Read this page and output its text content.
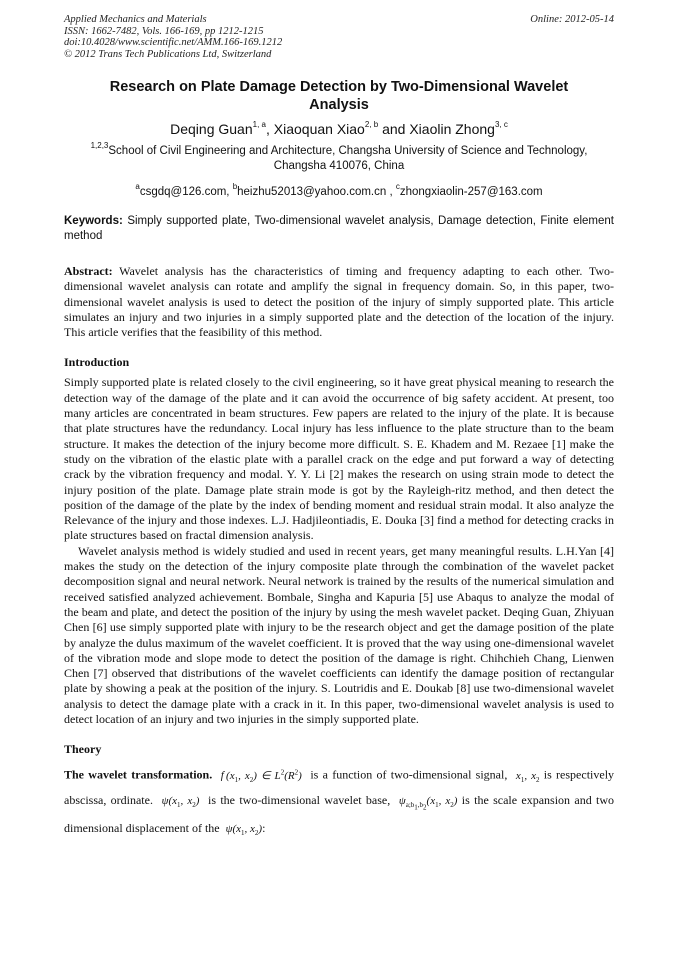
Applied Mechanics and Materials
ISSN: 1662-7482, Vols. 166-169, pp 1212-1215
doi:10.4028/www.scientific.net/AMM.166-169.1212
© 2012 Trans Tech Publications Ltd, Switzerland
Online: 2012-05-14
Research on Plate Damage Detection by Two-Dimensional Wavelet Analysis
Deqing Guan$^{1, a}$, Xiaoquan Xiao$^{2, b}$ and Xiaolin Zhong$^{3, c}$
$^{1,2,3}$School of Civil Engineering and Architecture, Changsha University of Science and Technology, Changsha 410076, China
$^a$csgdq@126.com, $^b$heizhu52013@yahoo.com.cn , $^c$zhongxiaolin-257@163.com
Keywords: Simply supported plate, Two-dimensional wavelet analysis, Damage detection, Finite element method
Abstract: Wavelet analysis has the characteristics of timing and frequency adapting to each other. Two-dimensional wavelet analysis can rotate and amplify the signal in frequency domain. So, in this paper, two-dimensional wavelet analysis is used to detect the position of the injury of simply supported plate. This article simulates an injury and two injuries in a simply supported plate and the detection of the location of the injury. This article verifies that the feasibility of this method.
Introduction
Simply supported plate is related closely to the civil engineering, so it have great physical meaning to research the detection way of the damage of the plate and it can avoid the occurrence of big safety accident. At present, too many articles are concentrated in beam structures. Few papers are related to the injury of the plate. It is because that plate structures have the redundancy. Local injury has less influence to the plate structure than to the beam structure. It makes the detection of the injury become more difficult. S. E. Khadem and M. Rezaee [1] make the study on the vibration of the elastic plate with a parallel crack on the edge and put forward a way of detecting crack by the vibration frequency and modal. Y. Y. Li [2] makes the research on using strain mode to detect the injury position of the plate. Damage plate strain mode is got by the Rayleigh-ritz method, and then detect the position of the damage of the plate by the index of bending moment and residual strain modal. It also analyze the Relevance of the injury and those indexes. L.J. Hadjileontiadis, E. Douka [3] find a method for detecting cracks in plate structures based on fractal dimension analysis.
Wavelet analysis method is widely studied and used in recent years, get many meaningful results. L.H.Yan [4] makes the study on the detection of the injury composite plate through the combination of the wavelet packet decomposition signal and neural network. Neural network is trained by the results of the numerical simulation and received satisfied analyzed achievement. Bombale, Singha and Kapuria [5] use Abaqus to analyze the modal of the beam and plate, and detect the position of the injury by using the mesh wavelet packet. Deqing Guan, Zhiyuan Chen [6] use simply supported plate with injury to be the research object and get the damage position of the plate by analyze the dulus maximum of the wavelet coefficient. It is proved that the way using one-dimensional wavelet of the vibration mode and slope mode to detect the position of the damage is right. Chihchieh Chang, Lienwen Chen [7] observed that distributions of the wavelet coefficients can identify the damage position of rectangular plate by showing a peak at the position of the injury. S. Loutridis and E. Doukab [8] use two-dimensional wavelet analysis to detect the damage plate with a crack in it. In this paper, two-dimensional wavelet analysis is used to detect location of an injury and two injuries in the simply supported plate.
Theory
The wavelet transformation. f ($x_1$, $x_2$) ∈ $L^2(R^2)$ is a function of two-dimensional signal, $x_1$, $x_2$ is respectively abscissa, ordinate. $\psi(x_1$, $x_2$) is the two-dimensional wavelet base, $\psi_{a;b_1,b_2}(x_1$, $x_2$) is the scale expansion and two dimensional displacement of the $\psi(x_1$, $x_2$):
